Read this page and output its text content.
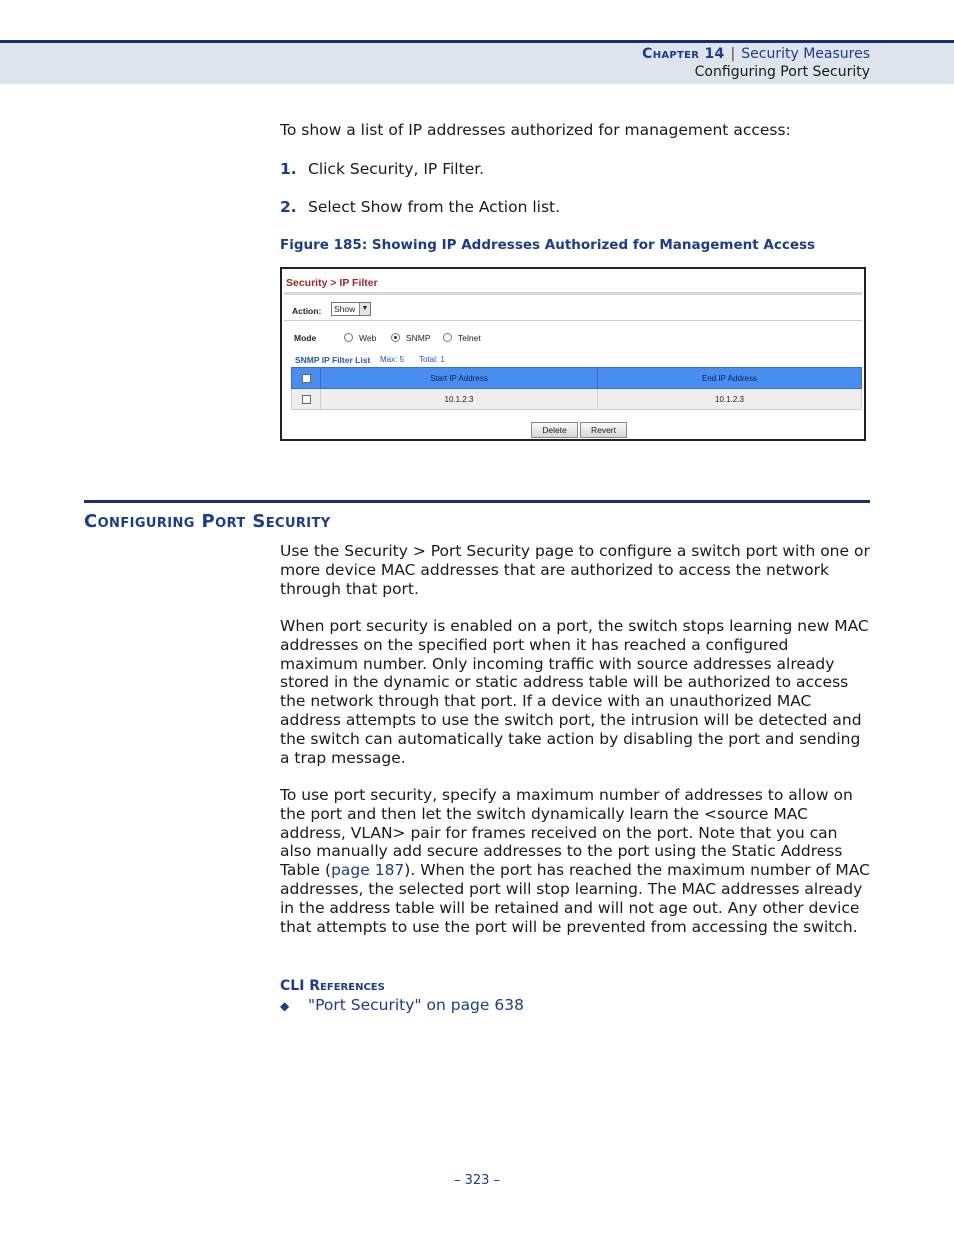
Chapter 14 | Security Measures
Configuring Port Security
To show a list of IP addresses authorized for management access:
1. Click Security, IP Filter.
2. Select Show from the Action list.
Figure 185: Showing IP Addresses Authorized for Management Access
Security > IP Filter
Action:	Show ▼
Mode	Web	SNMP	Telnet
SNMP IP Filter List Max: 5 Total: 1
	Start IP Address	End IP Address
	10.1.2.3	10.1.2.3
Delete	Revert
Configuring Port Security
Use the Security > Port Security page to configure a switch port with one or more device MAC addresses that are authorized to access the network through that port.
When port security is enabled on a port, the switch stops learning new MAC addresses on the specified port when it has reached a configured maximum number. Only incoming traffic with source addresses already stored in the dynamic or static address table will be authorized to access the network through that port. If a device with an unauthorized MAC address attempts to use the switch port, the intrusion will be detected and the switch can automatically take action by disabling the port and sending a trap message.
To use port security, specify a maximum number of addresses to allow on the port and then let the switch dynamically learn the <source MAC address, VLAN> pair for frames received on the port. Note that you can also manually add secure addresses to the port using the Static Address Table (page 187). When the port has reached the maximum number of MAC addresses, the selected port will stop learning. The MAC addresses already in the address table will be retained and will not age out. Any other device that attempts to use the port will be prevented from accessing the switch.
CLI References
◆ "Port Security" on page 638
– 323 –
